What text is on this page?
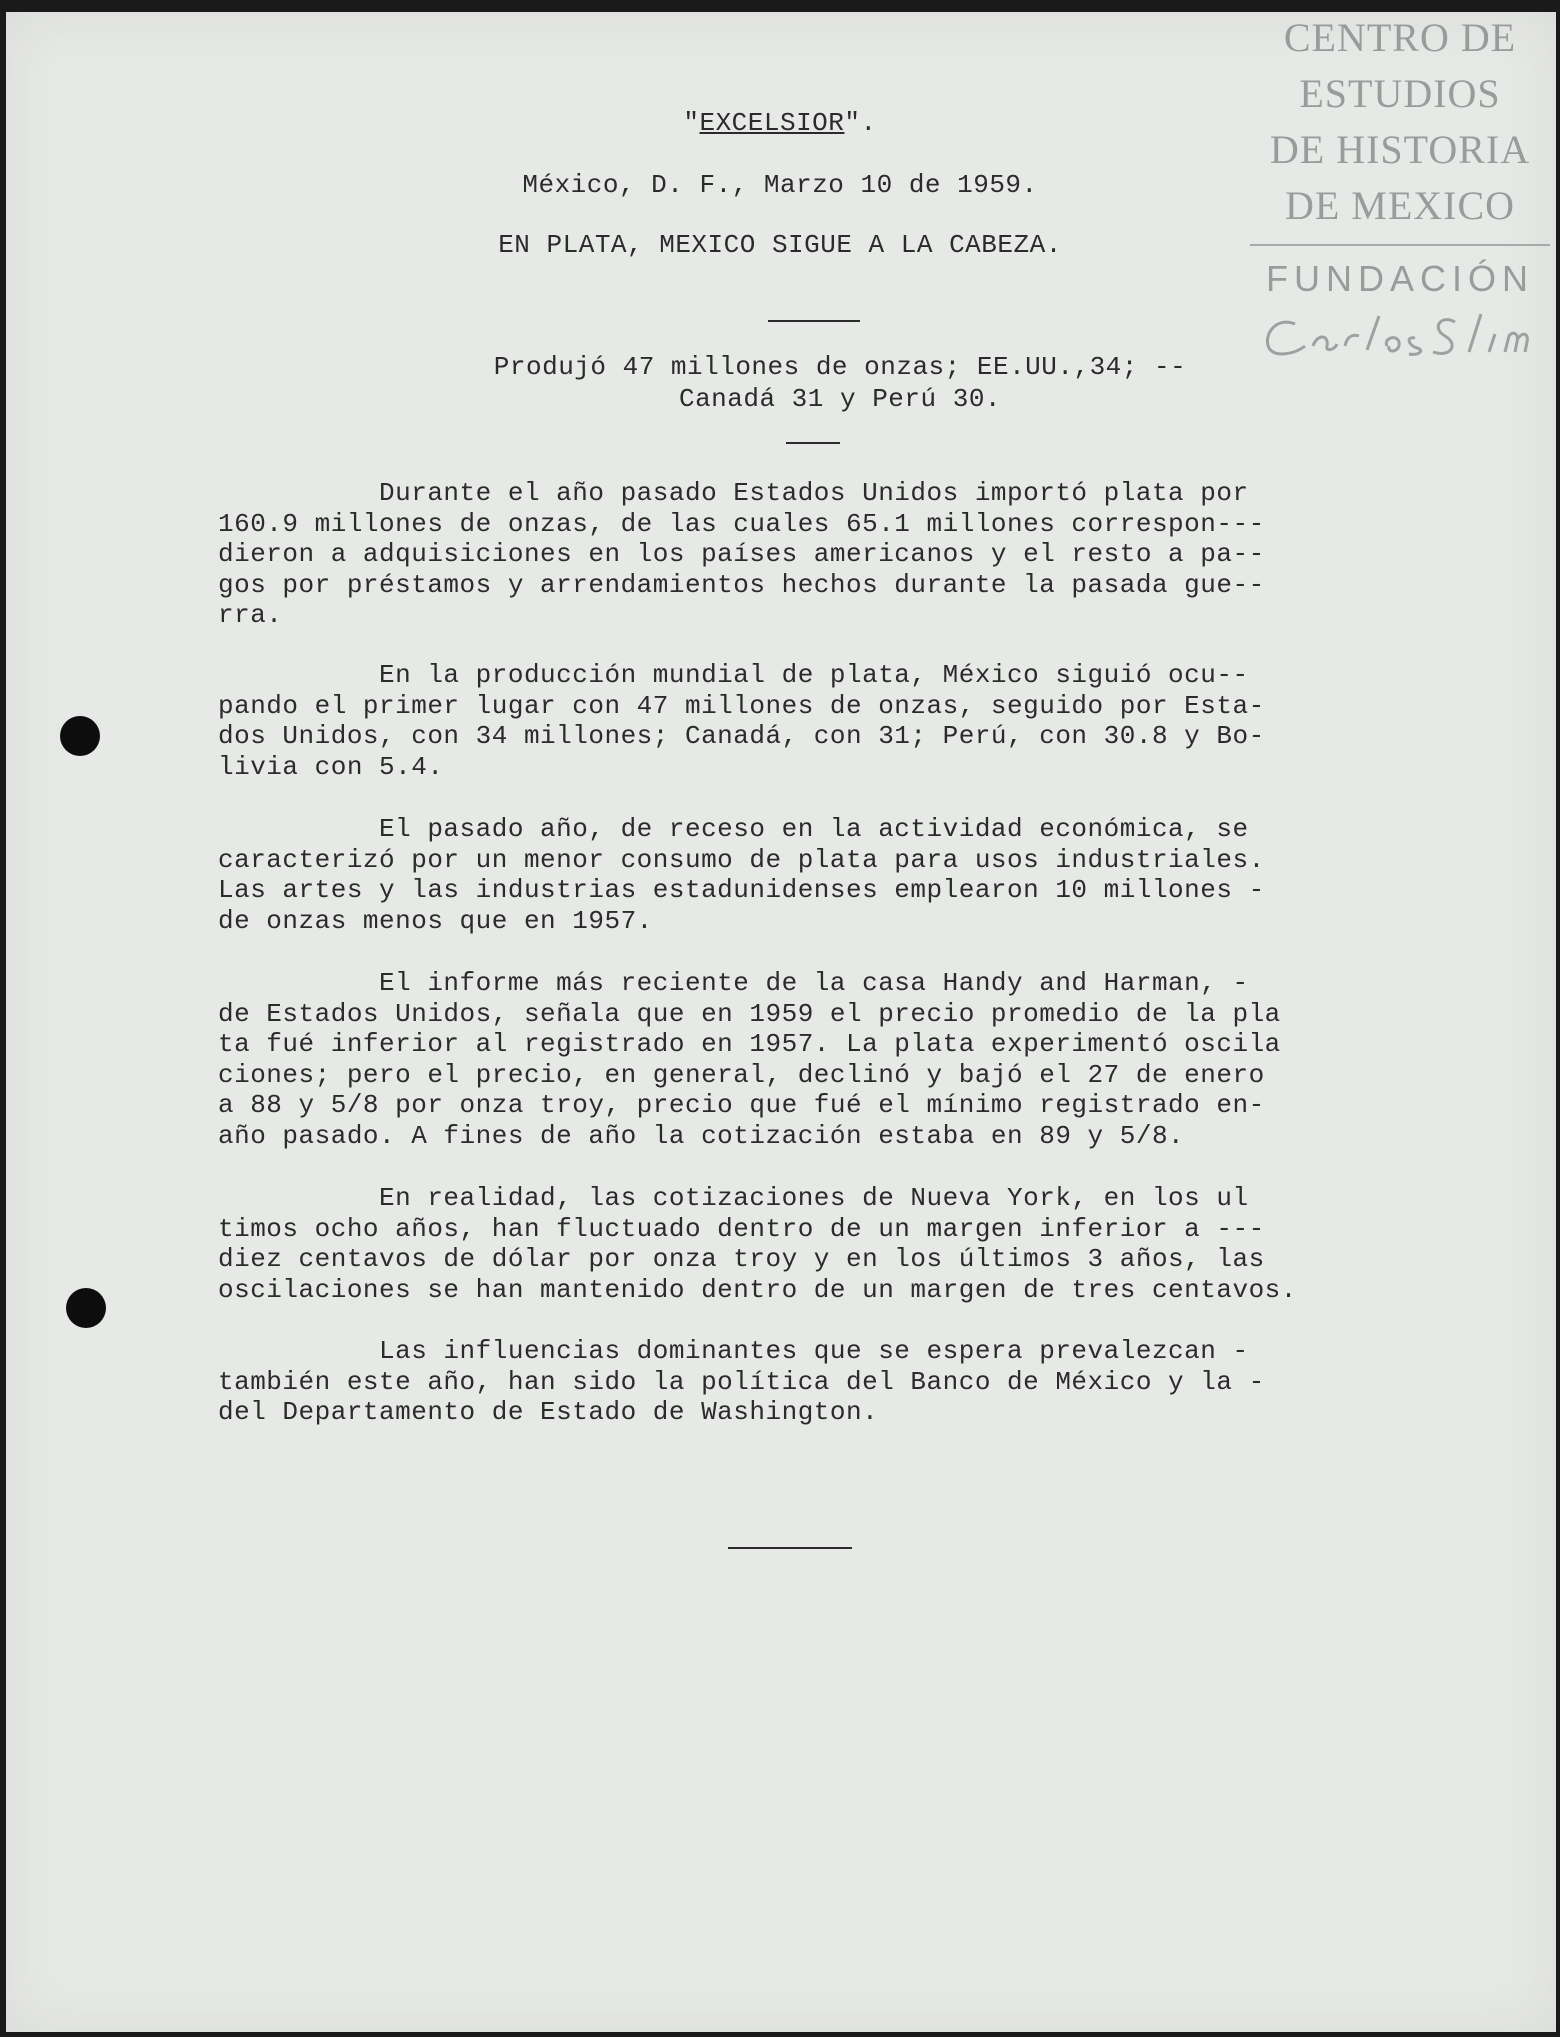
CENTRO DE
ESTUDIOS
DE HISTORIA
DE MEXICO
FUNDACIÓN
"EXCELSIOR".
México, D. F., Marzo 10 de 1959.
EN PLATA, MEXICO SIGUE A LA CABEZA.
Produjó 47 millones de onzas; EE.UU.,34; --
Canadá 31 y Perú 30.
Durante el año pasado Estados Unidos importó plata por
160.9 millones de onzas, de las cuales 65.1 millones correspon---
dieron a adquisiciones en los países americanos y el resto a pa--
gos por préstamos y arrendamientos hechos durante la pasada gue--
rra.
En la producción mundial de plata, México siguió ocu--
pando el primer lugar con 47 millones de onzas, seguido por Esta-
dos Unidos, con 34 millones; Canadá, con 31; Perú, con 30.8 y Bo-
livia con 5.4.
El pasado año, de receso en la actividad económica, se
caracterizó por un menor consumo de plata para usos industriales.
Las artes y las industrias estadunidenses emplearon 10 millones -
de onzas menos que en 1957.
El informe más reciente de la casa Handy and Harman, -
de Estados Unidos, señala que en 1959 el precio promedio de la pla
ta fué inferior al registrado en 1957. La plata experimentó oscila
ciones; pero el precio, en general, declinó y bajó el 27 de enero
a 88 y 5/8 por onza troy, precio que fué el mínimo registrado en-
año pasado. A fines de año la cotización estaba en 89 y 5/8.
En realidad, las cotizaciones de Nueva York, en los ul
timos ocho años, han fluctuado dentro de un margen inferior a ---
diez centavos de dólar por onza troy y en los últimos 3 años, las
oscilaciones se han mantenido dentro de un margen de tres centavos.
Las influencias dominantes que se espera prevalezcan -
también este año, han sido la política del Banco de México y la -
del Departamento de Estado de Washington.
